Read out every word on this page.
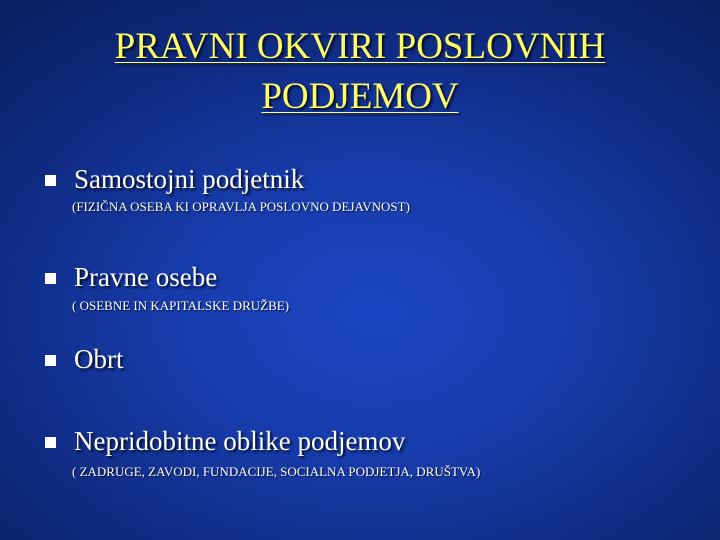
PRAVNI OKVIRI POSLOVNIH
PODJEMOV
Samostojni podjetnik
(FIZIČNA OSEBA KI OPRAVLJA POSLOVNO DEJAVNOST)
Pravne osebe
( OSEBNE IN KAPITALSKE DRUŽBE)
Obrt
Nepridobitne oblike podjemov
( ZADRUGE, ZAVODI, FUNDACIJE, SOCIALNA PODJETJA, DRUŠTVA)
